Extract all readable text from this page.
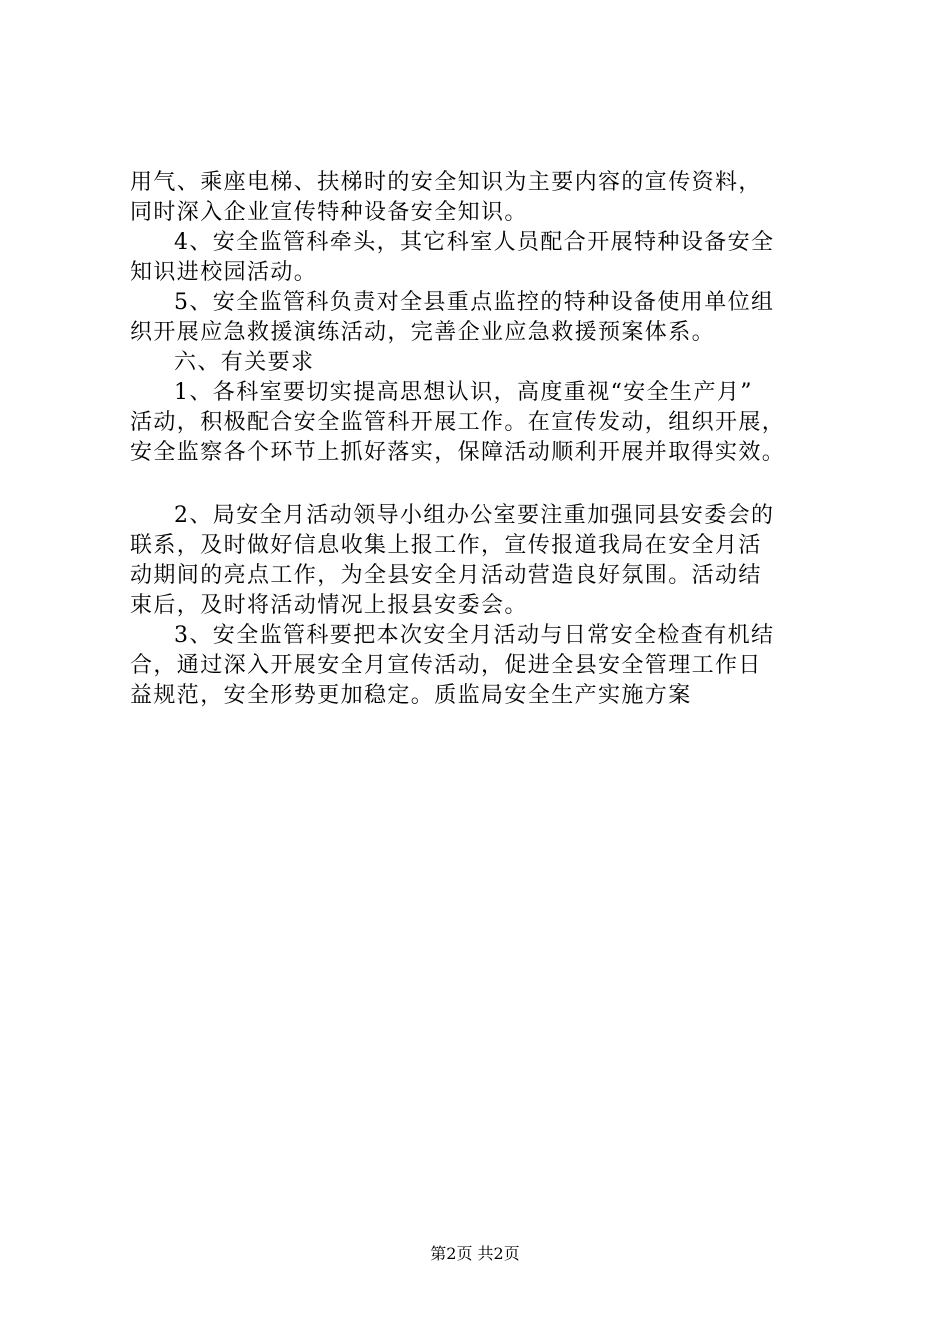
用气、乘座电梯、扶梯时的安全知识为主要内容的宣传资料，
同时深入企业宣传特种设备安全知识。
4、安全监管科牵头，其它科室人员配合开展特种设备安全
知识进校园活动。
5、安全监管科负责对全县重点监控的特种设备使用单位组
织开展应急救援演练活动，完善企业应急救援预案体系。
六、有关要求
1、各科室要切实提高思想认识，高度重视“安全生产月”
活动，积极配合安全监管科开展工作。在宣传发动，组织开展，
安全监察各个环节上抓好落实，保障活动顺利开展并取得实效。
2、局安全月活动领导小组办公室要注重加强同县安委会的
联系，及时做好信息收集上报工作，宣传报道我局在安全月活
动期间的亮点工作，为全县安全月活动营造良好氛围。活动结
束后，及时将活动情况上报县安委会。
3、安全监管科要把本次安全月活动与日常安全检查有机结
合，通过深入开展安全月宣传活动，促进全县安全管理工作日
益规范，安全形势更加稳定。质监局安全生产实施方案
第2页 共2页
